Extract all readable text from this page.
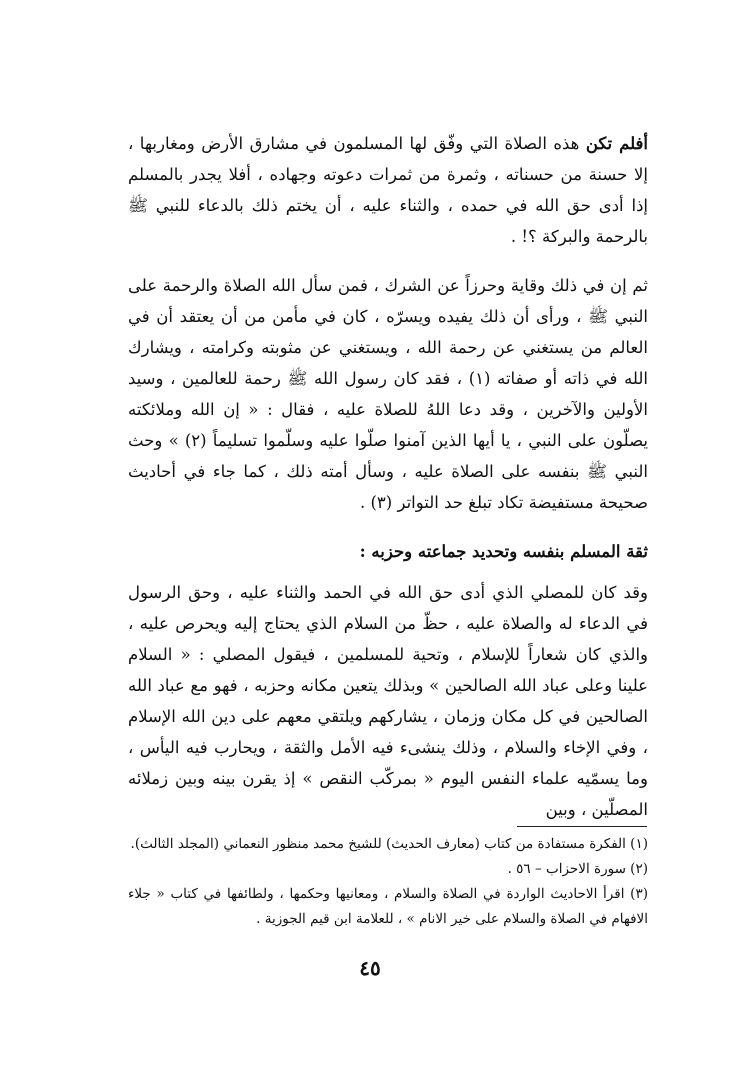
أفلم تكن هذه الصلاة التي وفّق لها المسلمون في مشارق الأرض ومغاربها ، إلا حسنة من حسناته ، وثمرة من ثمرات دعوته وجهاده ، أفلا يجدر بالمسلم إذا أدى حق الله في حمده ، والثناء عليه ، أن يختم ذلك بالدعاء للنبي ﷺ بالرحمة والبركة ؟! .

ثم إن في ذلك وقاية وحرزاً عن الشرك ، فمن سأل الله الصلاة والرحمة على النبي ﷺ ، ورأى أن ذلك يفيده ويسرّه ، كان في مأمن من أن يعتقد أن في العالم من يستغني عن رحمة الله ، ويستغني عن مثوبته وكرامته ، ويشارك الله في ذاته أو صفاته (١) ، فقد كان رسول الله ﷺ رحمة للعالمين ، وسيد الأولين والآخرين ، وقد دعا اللهُ للصلاة عليه ، فقال : « إن الله وملائكته يصلّون على النبي ، يا أيها الذين آمنوا صلّوا عليه وسلّموا تسليماً (٢) » وحث النبي ﷺ بنفسه على الصلاة عليه ، وسأل أمته ذلك ، كما جاء في أحاديث صحيحة مستفيضة تكاد تبلغ حد التواتر (٣) .

ثقة المسلم بنفسه وتحديد جماعته وحزبه :

وقد كان للمصلي الذي أدى حق الله في الحمد والثناء عليه ، وحق الرسول في الدعاء له والصلاة عليه ، حظّ من السلام الذي يحتاج إليه ويحرص عليه ، والذي كان شعاراً للإسلام ، وتحية للمسلمين ، فيقول المصلي : « السلام علينا وعلى عباد الله الصالحين » وبذلك يتعين مكانه وحزبه ، فهو مع عباد الله الصالحين في كل مكان وزمان ، يشاركهم ويلتقي معهم على دين الله الإسلام ، وفي الإخاء والسلام ، وذلك ينشىء فيه الأمل والثقة ، ويحارب فيه اليأس ، وما يسمّيه علماء النفس اليوم « بمركّب النقص » إذ يقرن بينه وبين زملائه المصلّين ، وبين

(١) الفكرة مستفادة من كتاب (معارف الحديث) للشيخ محمد منظور النعماني (المجلد الثالث).

(٢) سورة الاحزاب – ٥٦ .

(٣) اقرأ الاحاديث الواردة في الصلاة والسلام ، ومعانيها وحكمها ، ولطائفها في كتاب « جلاء الافهام في الصلاة والسلام على خير الانام » ، للعلامة ابن قيم الجوزية .

٤٥
